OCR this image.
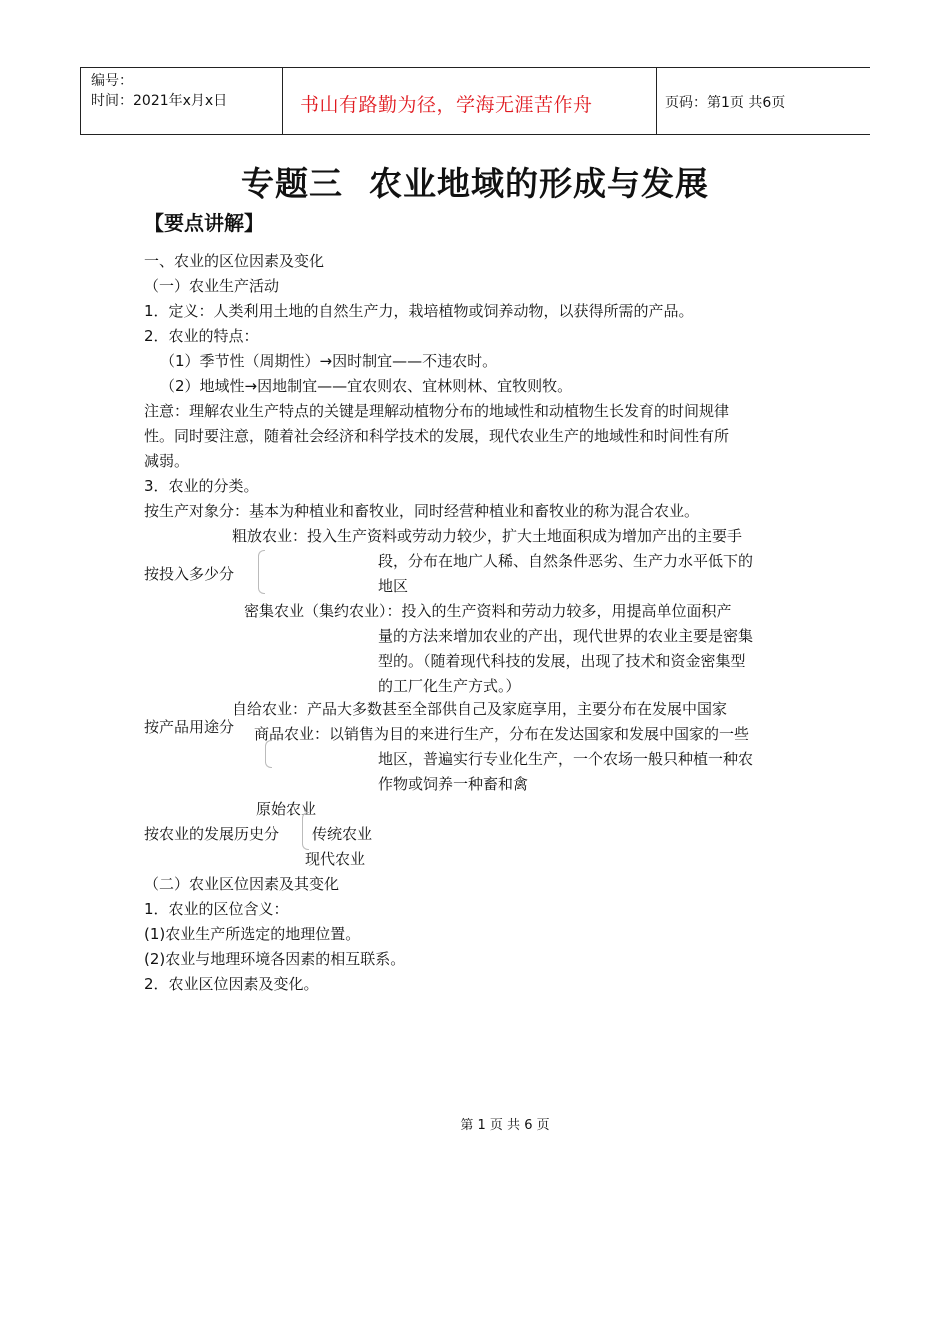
编号：
时间：2021年x月x日	书山有路勤为径，学海无涯苦作舟	页码：第1页 共6页
专题三 农业地域的形成与发展
【要点讲解】
一、农业的区位因素及变化
（一）农业生产活动
1．定义：人类利用土地的自然生产力，栽培植物或饲养动物，以获得所需的产品。
2．农业的特点：
（1）季节性（周期性）→因时制宜——不违农时。
（2）地域性→因地制宜——宜农则农、宜林则林、宜牧则牧。
注意：理解农业生产特点的关键是理解动植物分布的地域性和动植物生长发育的时间规律
性。同时要注意，随着社会经济和科学技术的发展，现代农业生产的地域性和时间性有所
减弱。
3．农业的分类。
按生产对象分：基本为种植业和畜牧业，同时经营种植业和畜牧业的称为混合农业。
粗放农业：投入生产资料或劳动力较少，扩大土地面积成为增加产出的主要手
段，分布在地广人稀、自然条件恶劣、生产力水平低下的
按投入多少分
地区
密集农业（集约农业）：投入的生产资料和劳动力较多，用提高单位面积产
量的方法来增加农业的产出，现代世界的农业主要是密集
型的。（随着现代科技的发展，出现了技术和资金密集型
的工厂化生产方式。）
自给农业：产品大多数甚至全部供自己及家庭享用，主要分布在发展中国家
按产品用途分 商品农业：以销售为目的来进行生产，分布在发达国家和发展中国家的一些
地区，普遍实行专业化生产，一个农场一般只种植一种农
作物或饲养一种畜和禽
原始农业
按农业的发展历史分 传统农业
现代农业
（二）农业区位因素及其变化
1．农业的区位含义：
(1)农业生产所选定的地理位置。
(2)农业与地理环境各因素的相互联系。
2．农业区位因素及变化。
第 1 页 共 6 页
